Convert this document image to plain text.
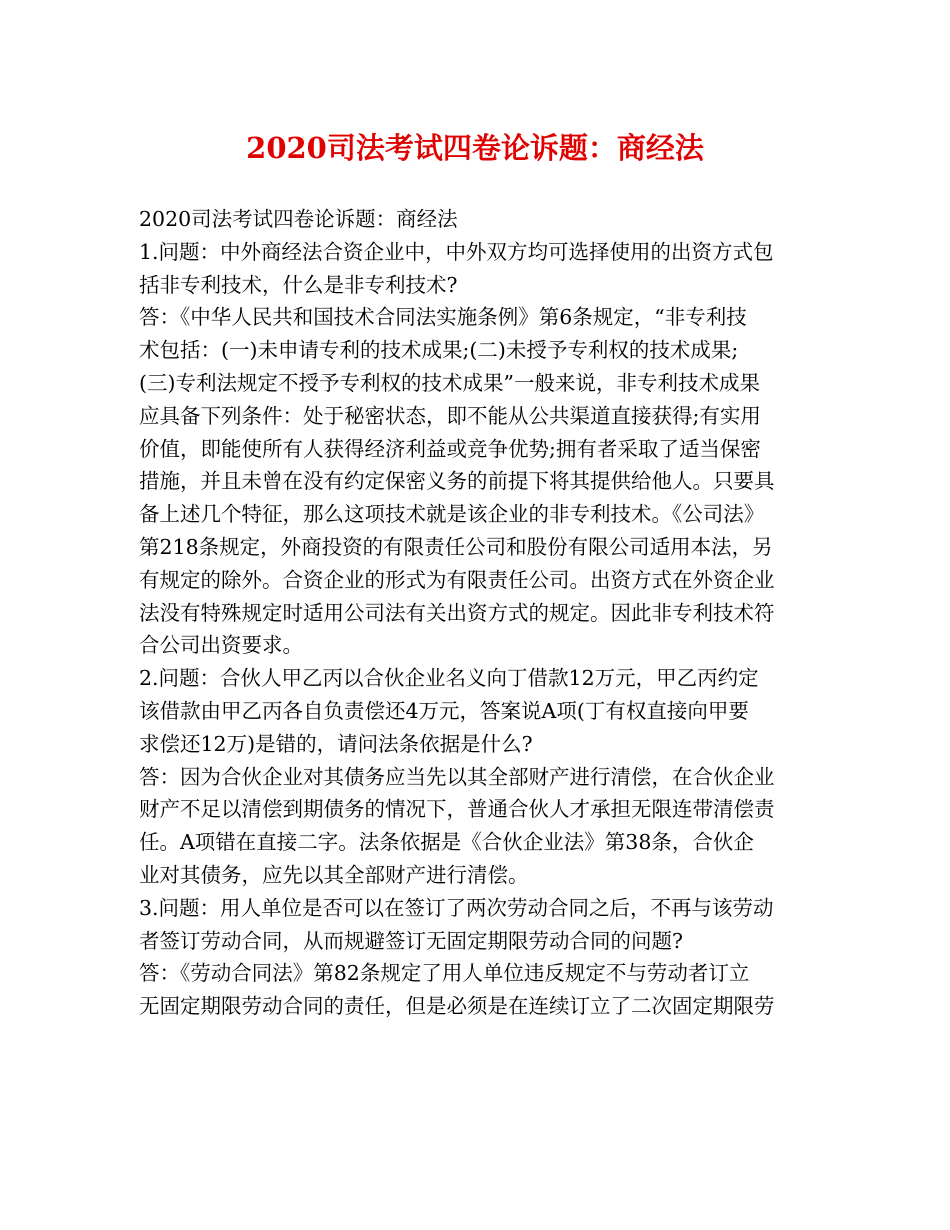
2020司法考试四卷论诉题：商经法
2020司法考试四卷论诉题：商经法
1.问题：中外商经法合资企业中，中外双方均可选择使用的出资方式包
括非专利技术，什么是非专利技术?
答：《中华人民共和国技术合同法实施条例》第6条规定，“非专利技
术包括：(一)未申请专利的技术成果;(二)未授予专利权的技术成果;
(三)专利法规定不授予专利权的技术成果”一般来说，非专利技术成果
应具备下列条件：处于秘密状态，即不能从公共渠道直接获得;有实用
价值，即能使所有人获得经济利益或竞争优势;拥有者采取了适当保密
措施，并且未曾在没有约定保密义务的前提下将其提供给他人。只要具
备上述几个特征，那么这项技术就是该企业的非专利技术。《公司法》
第218条规定，外商投资的有限责任公司和股份有限公司适用本法，另
有规定的除外。合资企业的形式为有限责任公司。出资方式在外资企业
法没有特殊规定时适用公司法有关出资方式的规定。因此非专利技术符
合公司出资要求。
2.问题：合伙人甲乙丙以合伙企业名义向丁借款12万元，甲乙丙约定
该借款由甲乙丙各自负责偿还4万元，答案说A项(丁有权直接向甲要
求偿还12万)是错的，请问法条依据是什么?
答：因为合伙企业对其债务应当先以其全部财产进行清偿，在合伙企业
财产不足以清偿到期债务的情况下，普通合伙人才承担无限连带清偿责
任。A项错在直接二字。法条依据是《合伙企业法》第38条，合伙企
业对其债务，应先以其全部财产进行清偿。
3.问题：用人单位是否可以在签订了两次劳动合同之后，不再与该劳动
者签订劳动合同，从而规避签订无固定期限劳动合同的问题?
答：《劳动合同法》第82条规定了用人单位违反规定不与劳动者订立
无固定期限劳动合同的责任，但是必须是在连续订立了二次固定期限劳
